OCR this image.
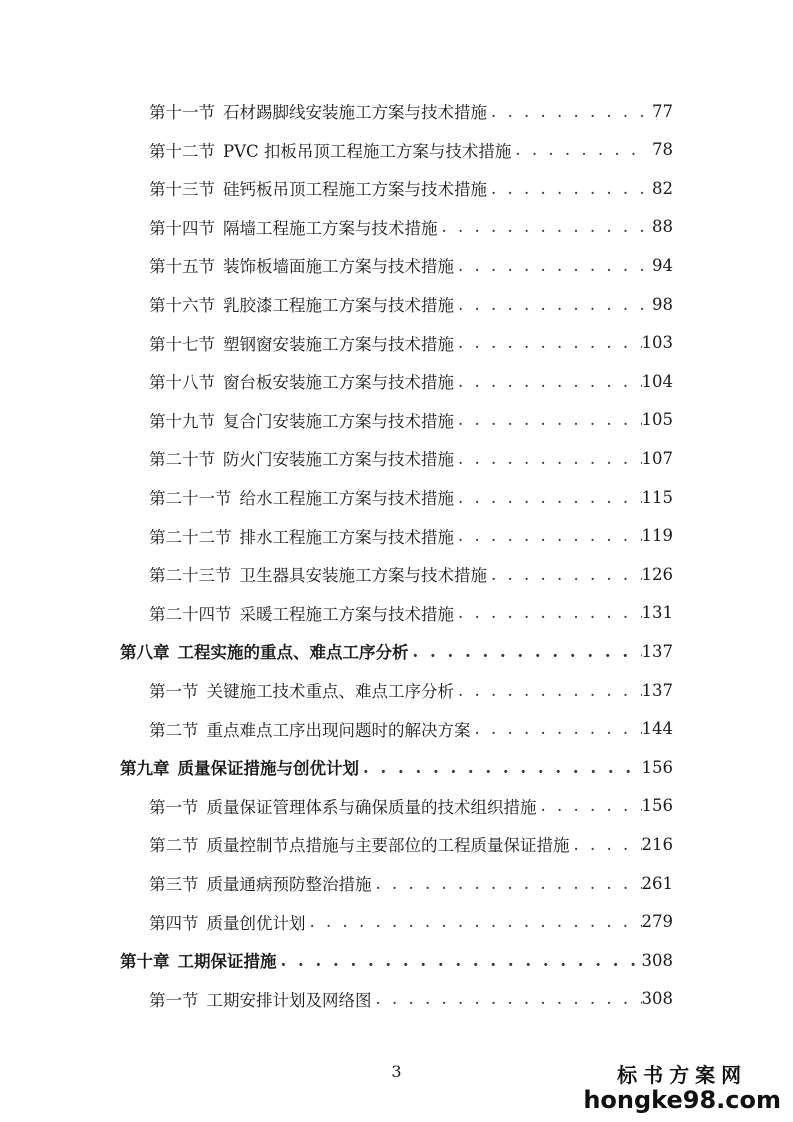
第十一节 石材踢脚线安装施工方案与技术措施 . . .	77
第十二节 PVC 扣板吊顶工程施工方案与技术措施 . . .	78
第十三节 硅钙板吊顶工程施工方案与技术措施 . . .	82
第十四节 隔墙工程施工方案与技术措施 . . .	88
第十五节 装饰板墙面施工方案与技术措施 . . .	94
第十六节 乳胶漆工程施工方案与技术措施 . . .	98
第十七节 塑钢窗安装施工方案与技术措施 . . .	103
第十八节 窗台板安装施工方案与技术措施 . . .	104
第十九节 复合门安装施工方案与技术措施 . . .	105
第二十节 防火门安装施工方案与技术措施 . . .	107
第二十一节 给水工程施工方案与技术措施 . . .	115
第二十二节 排水工程施工方案与技术措施 . . .	119
第二十三节 卫生器具安装施工方案与技术措施 . . .	126
第二十四节 采暖工程施工方案与技术措施 . . .	131
第八章 工程实施的重点、难点工序分析 . . .	137
第一节 关键施工技术重点、难点工序分析 . . .	137
第二节 重点难点工序出现问题时的解决方案 . . .	144
第九章 质量保证措施与创优计划 . . .	156
第一节 质量保证管理体系与确保质量的技术组织措施 . . .	156
第二节 质量控制节点措施与主要部位的工程质量保证措施 . . .	216
第三节 质量通病预防整治措施 . . .	261
第四节 质量创优计划 . . .	279
第十章 工期保证措施 . . .	308
第一节 工期安排计划及网络图 . . .	308
3	标书方案网
hongke98.com
